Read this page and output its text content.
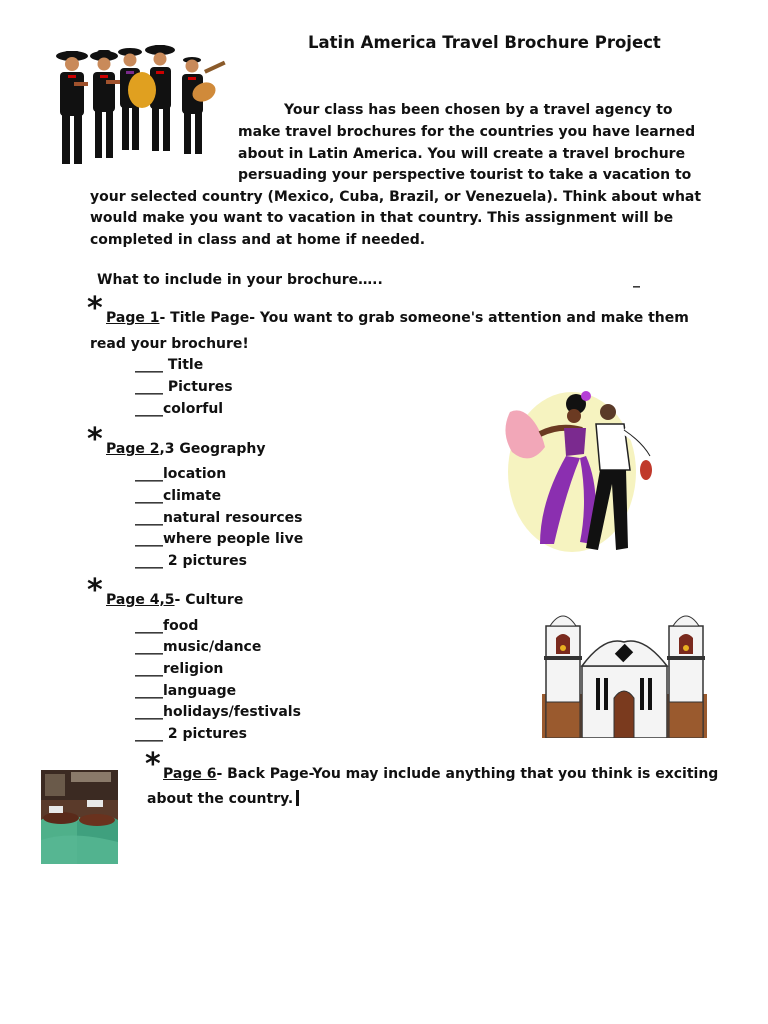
Latin America Travel Brochure Project
Your class has been chosen by a travel agency to
make travel brochures for the countries you have learned
about in Latin America. You will create a travel brochure
persuading your perspective tourist to take a vacation to
your selected country (Mexico, Cuba, Brazil, or Venezuela). Think about what
would make you want to vacation in that country. This assignment will be
completed in class and at home if needed.
What to include in your brochure…..	_
* Page 1- Title Page- You want to grab someone's attention and make them
read your brochure!
____ Title
____ Pictures
____colorful
* Page 2,3 Geography
____location
____climate
____natural resources
____where people live
____ 2 pictures
* Page 4,5- Culture
____food
____music/dance
____religion
____language
____holidays/festivals
____ 2 pictures
* Page 6- Back Page-You may include anything that you think is exciting
about the country.
